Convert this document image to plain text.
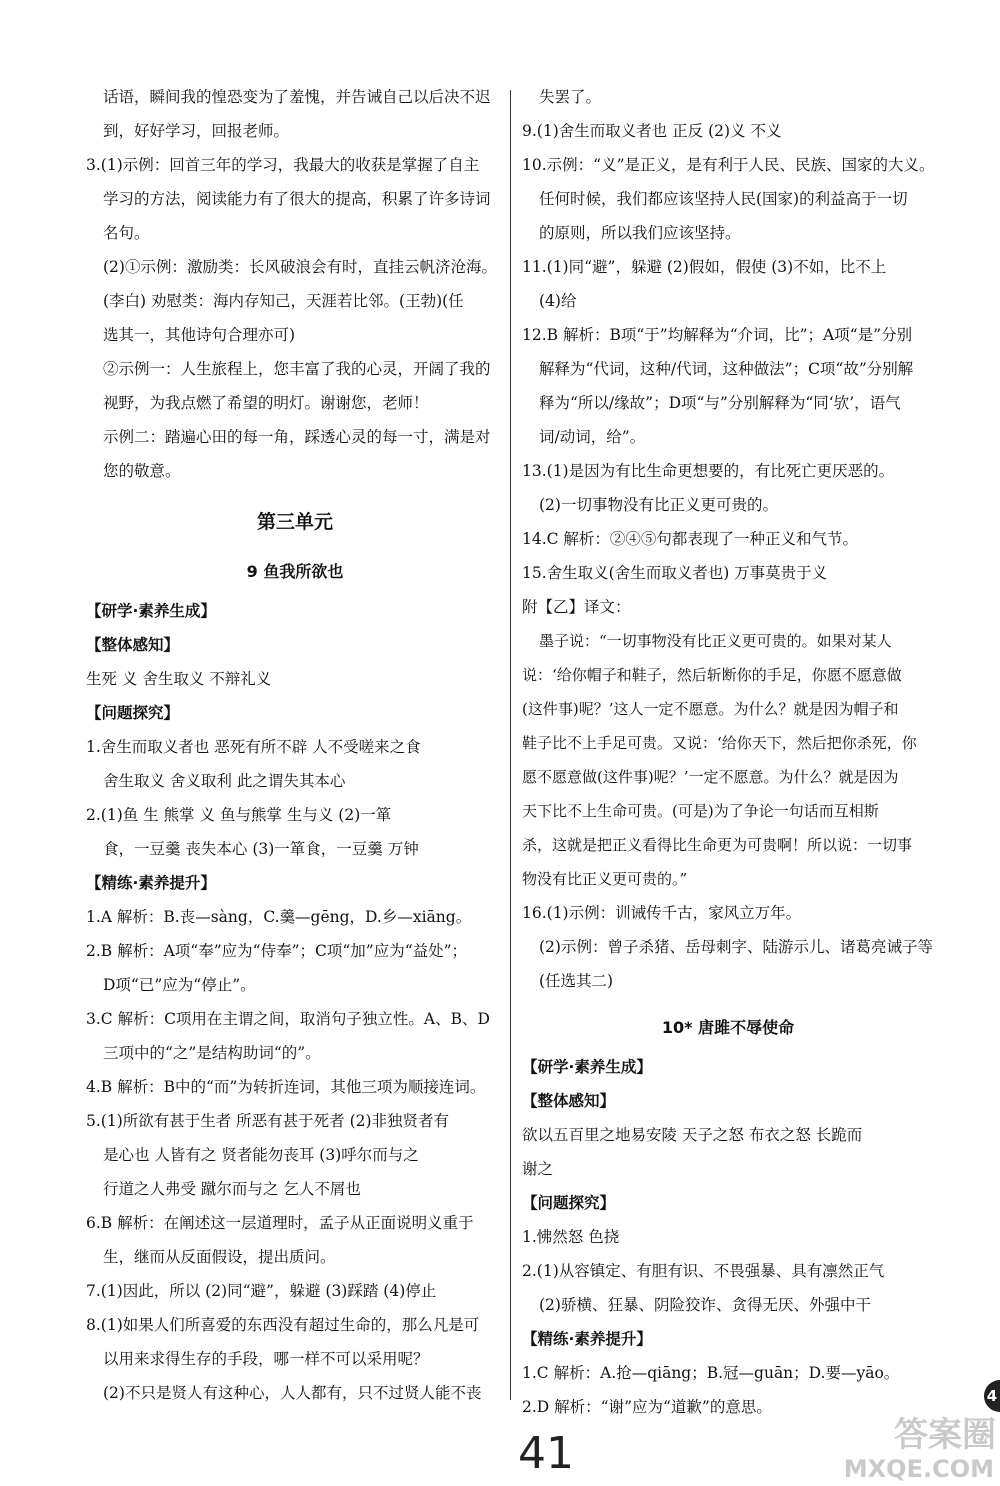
话语，瞬间我的惶恐变为了羞愧，并告诫自己以后决不迟
到，好好学习，回报老师。
3.(1)示例：回首三年的学习，我最大的收获是掌握了自主
学习的方法，阅读能力有了很大的提高，积累了许多诗词
名句。
(2)①示例：激励类：长风破浪会有时，直挂云帆济沧海。
(李白) 劝慰类：海内存知己，天涯若比邻。(王勃)(任
选其一，其他诗句合理亦可)
②示例一：人生旅程上，您丰富了我的心灵，开阔了我的
视野，为我点燃了希望的明灯。谢谢您，老师！
示例二：踏遍心田的每一角，踩透心灵的每一寸，满是对
您的敬意。
第三单元
9 鱼我所欲也
【研学·素养生成】
【整体感知】
生死 义 舍生取义 不辩礼义
【问题探究】
1.舍生而取义者也 恶死有所不辟 人不受嗟来之食
舍生取义 舍义取利 此之谓失其本心
2.(1)鱼 生 熊掌 义 鱼与熊掌 生与义 (2)一箪
食，一豆羹 丧失本心 (3)一箪食，一豆羹 万钟
【精练·素养提升】
1.A 解析：B.丧—sàng，C.羹—gēng，D.乡—xiāng。
2.B 解析：A项“奉”应为“侍奉”；C项“加”应为“益处”；
D项“已”应为“停止”。
3.C 解析：C项用在主谓之间，取消句子独立性。A、B、D
三项中的“之”是结构助词“的”。
4.B 解析：B中的“而”为转折连词，其他三项为顺接连词。
5.(1)所欲有甚于生者 所恶有甚于死者 (2)非独贤者有
是心也 人皆有之 贤者能勿丧耳 (3)呼尔而与之
行道之人弗受 蹴尔而与之 乞人不屑也
6.B 解析：在阐述这一层道理时，孟子从正面说明义重于
生，继而从反面假设，提出质问。
7.(1)因此，所以 (2)同“避”，躲避 (3)踩踏 (4)停止
8.(1)如果人们所喜爱的东西没有超过生命的，那么凡是可
以用来求得生存的手段，哪一样不可以采用呢？
(2)不只是贤人有这种心，人人都有，只不过贤人能不丧
失罢了。
9.(1)舍生而取义者也 正反 (2)义 不义
10.示例：“义”是正义，是有利于人民、民族、国家的大义。
任何时候，我们都应该坚持人民(国家)的利益高于一切
的原则，所以我们应该坚持。
11.(1)同“避”，躲避 (2)假如，假使 (3)不如，比不上
(4)给
12.B 解析：B项“于”均解释为“介词，比”；A项“是”分别
解释为“代词，这种/代词，这种做法”；C项“故”分别解
释为“所以/缘故”；D项“与”分别解释为“同‘欤’，语气
词/动词，给”。
13.(1)是因为有比生命更想要的，有比死亡更厌恶的。
(2)一切事物没有比正义更可贵的。
14.C 解析：②④⑤句都表现了一种正义和气节。
15.舍生取义(舍生而取义者也) 万事莫贵于义
附【乙】译文：
墨子说：“一切事物没有比正义更可贵的。如果对某人
说：‘给你帽子和鞋子，然后斩断你的手足，你愿不愿意做
(这件事)呢？’这人一定不愿意。为什么？就是因为帽子和
鞋子比不上手足可贵。又说：‘给你天下，然后把你杀死，你
愿不愿意做(这件事)呢？’一定不愿意。为什么？就是因为
天下比不上生命可贵。(可是)为了争论一句话而互相斯
杀，这就是把正义看得比生命更为可贵啊！所以说：一切事
物没有比正义更可贵的。”
16.(1)示例：训诫传千古，家风立万年。
(2)示例：曾子杀猪、岳母刺字、陆游示儿、诸葛亮诫子等
(任选其二)
10* 唐雎不辱使命
【研学·素养生成】
【整体感知】
欲以五百里之地易安陵 天子之怒 布衣之怒 长跪而
谢之
【问题探究】
1.怫然怒 色挠
2.(1)从容镇定、有胆有识、不畏强暴、具有凛然正气
(2)骄横、狂暴、阴险狡诈、贪得无厌、外强中干
【精练·素养提升】
1.C 解析：A.抢—qiāng；B.冠—guān；D.要—yāo。
2.D 解析：“谢”应为“道歉”的意思。
4
41	答案圈
MXQE.COM
